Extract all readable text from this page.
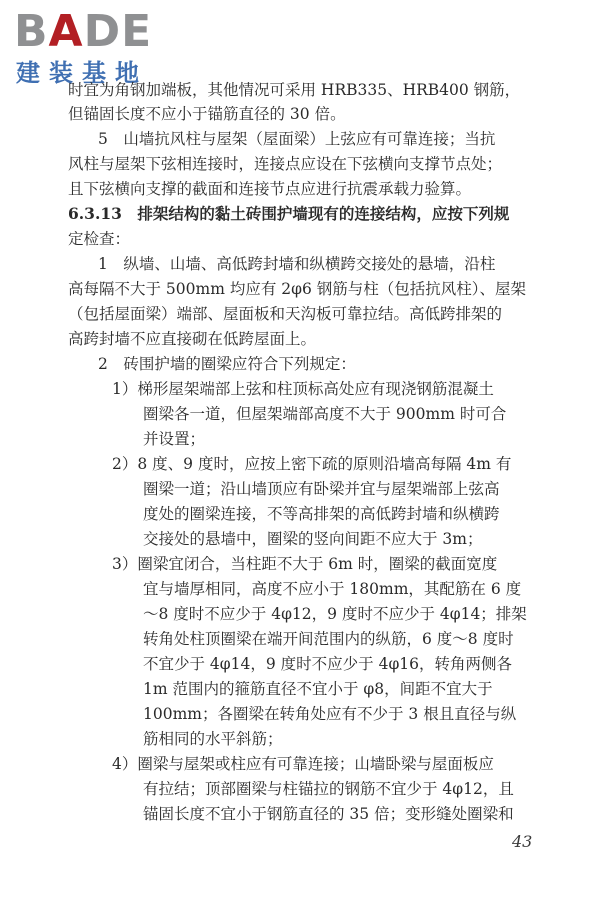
BADE
建装基地
时宜为角钢加端板，其他情况可采用 HRB335、HRB400 钢筋，
但锚固长度不应小于锚筋直径的 30 倍。
5　山墙抗风柱与屋架（屋面梁）上弦应有可靠连接；当抗
风柱与屋架下弦相连接时，连接点应设在下弦横向支撑节点处；
且下弦横向支撑的截面和连接节点应进行抗震承载力验算。
6.3.13　排架结构的黏土砖围护墙现有的连接结构，应按下列规
定检查：
1　纵墙、山墙、高低跨封墙和纵横跨交接处的悬墙，沿柱
高每隔不大于 500mm 均应有 2φ6 钢筋与柱（包括抗风柱）、屋架
（包括屋面梁）端部、屋面板和天沟板可靠拉结。高低跨排架的
高跨封墙不应直接砌在低跨屋面上。
2　砖围护墙的圈梁应符合下列规定：
1）梯形屋架端部上弦和柱顶标高处应有现浇钢筋混凝土
圈梁各一道，但屋架端部高度不大于 900mm 时可合
并设置；
2）8 度、9 度时，应按上密下疏的原则沿墙高每隔 4m 有
圈梁一道；沿山墙顶应有卧梁并宜与屋架端部上弦高
度处的圈梁连接，不等高排架的高低跨封墙和纵横跨
交接处的悬墙中，圈梁的竖向间距不应大于 3m；
3）圈梁宜闭合，当柱距不大于 6m 时，圈梁的截面宽度
宜与墙厚相同，高度不应小于 180mm，其配筋在 6 度
～8 度时不应少于 4φ12，9 度时不应少于 4φ14；排架
转角处柱顶圈梁在端开间范围内的纵筋，6 度～8 度时
不宜少于 4φ14，9 度时不应少于 4φ16，转角两侧各
1m 范围内的箍筋直径不宜小于 φ8，间距不宜大于
100mm；各圈梁在转角处应有不少于 3 根且直径与纵
筋相同的水平斜筋；
4）圈梁与屋架或柱应有可靠连接；山墙卧梁与屋面板应
有拉结；顶部圈梁与柱锚拉的钢筋不宜少于 4φ12，且
锚固长度不宜小于钢筋直径的 35 倍；变形缝处圈梁和
43
